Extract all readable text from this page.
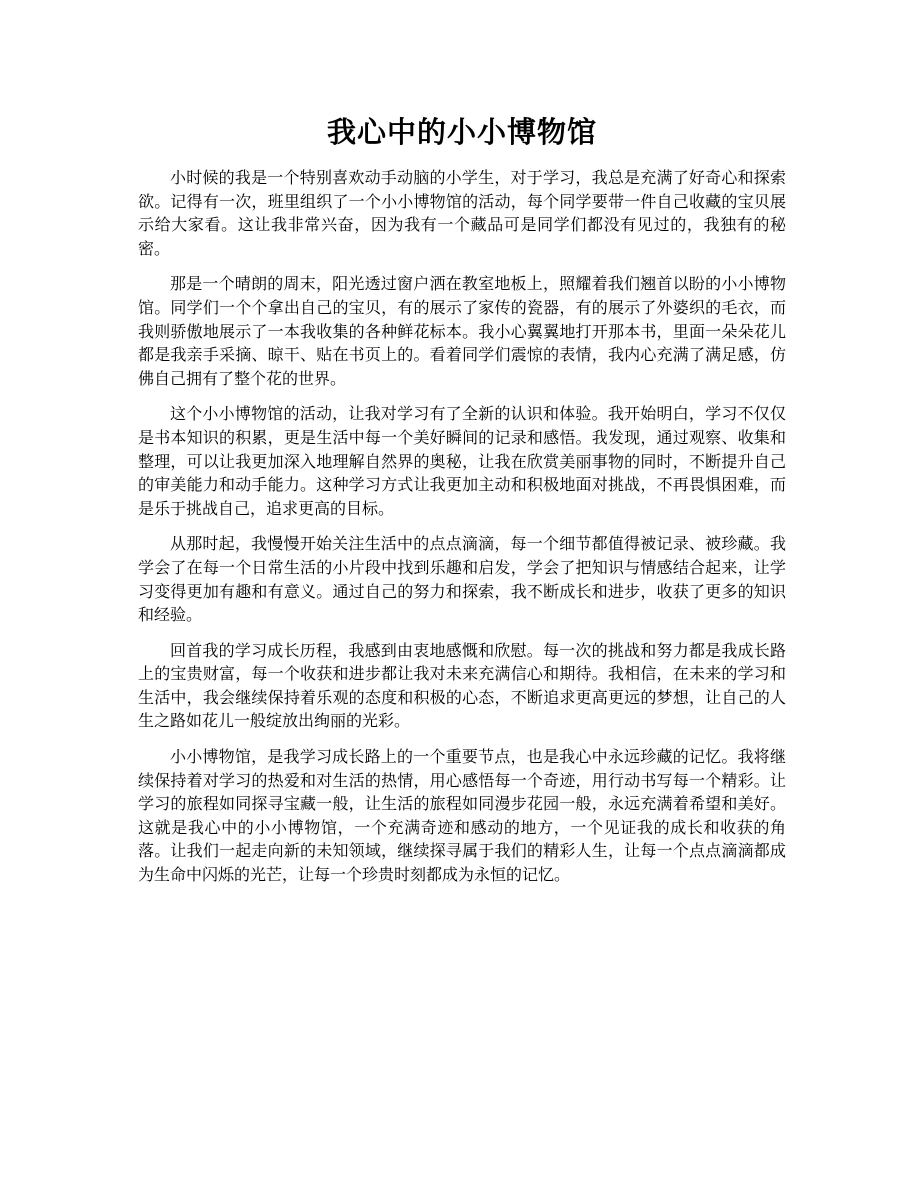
我心中的小小博物馆

小时候的我是一个特别喜欢动手动脑的小学生，对于学习，我总是充满了好奇心和探索欲。记得有一次，班里组织了一个小小博物馆的活动，每个同学要带一件自己收藏的宝贝展示给大家看。这让我非常兴奋，因为我有一个藏品可是同学们都没有见过的，我独有的秘密。

那是一个晴朗的周末，阳光透过窗户洒在教室地板上，照耀着我们翘首以盼的小小博物馆。同学们一个个拿出自己的宝贝，有的展示了家传的瓷器，有的展示了外婆织的毛衣，而我则骄傲地展示了一本我收集的各种鲜花标本。我小心翼翼地打开那本书，里面一朵朵花儿都是我亲手采摘、晾干、贴在书页上的。看着同学们震惊的表情，我内心充满了满足感，仿佛自己拥有了整个花的世界。

这个小小博物馆的活动，让我对学习有了全新的认识和体验。我开始明白，学习不仅仅是书本知识的积累，更是生活中每一个美好瞬间的记录和感悟。我发现，通过观察、收集和整理，可以让我更加深入地理解自然界的奥秘，让我在欣赏美丽事物的同时，不断提升自己的审美能力和动手能力。这种学习方式让我更加主动和积极地面对挑战，不再畏惧困难，而是乐于挑战自己，追求更高的目标。

从那时起，我慢慢开始关注生活中的点点滴滴，每一个细节都值得被记录、被珍藏。我学会了在每一个日常生活的小片段中找到乐趣和启发，学会了把知识与情感结合起来，让学习变得更加有趣和有意义。通过自己的努力和探索，我不断成长和进步，收获了更多的知识和经验。

回首我的学习成长历程，我感到由衷地感慨和欣慰。每一次的挑战和努力都是我成长路上的宝贵财富，每一个收获和进步都让我对未来充满信心和期待。我相信，在未来的学习和生活中，我会继续保持着乐观的态度和积极的心态，不断追求更高更远的梦想，让自己的人生之路如花儿一般绽放出绚丽的光彩。

小小博物馆，是我学习成长路上的一个重要节点，也是我心中永远珍藏的记忆。我将继续保持着对学习的热爱和对生活的热情，用心感悟每一个奇迹，用行动书写每一个精彩。让学习的旅程如同探寻宝藏一般，让生活的旅程如同漫步花园一般，永远充满着希望和美好。这就是我心中的小小博物馆，一个充满奇迹和感动的地方，一个见证我的成长和收获的角落。让我们一起走向新的未知领域，继续探寻属于我们的精彩人生，让每一个点点滴滴都成为生命中闪烁的光芒，让每一个珍贵时刻都成为永恒的记忆。
